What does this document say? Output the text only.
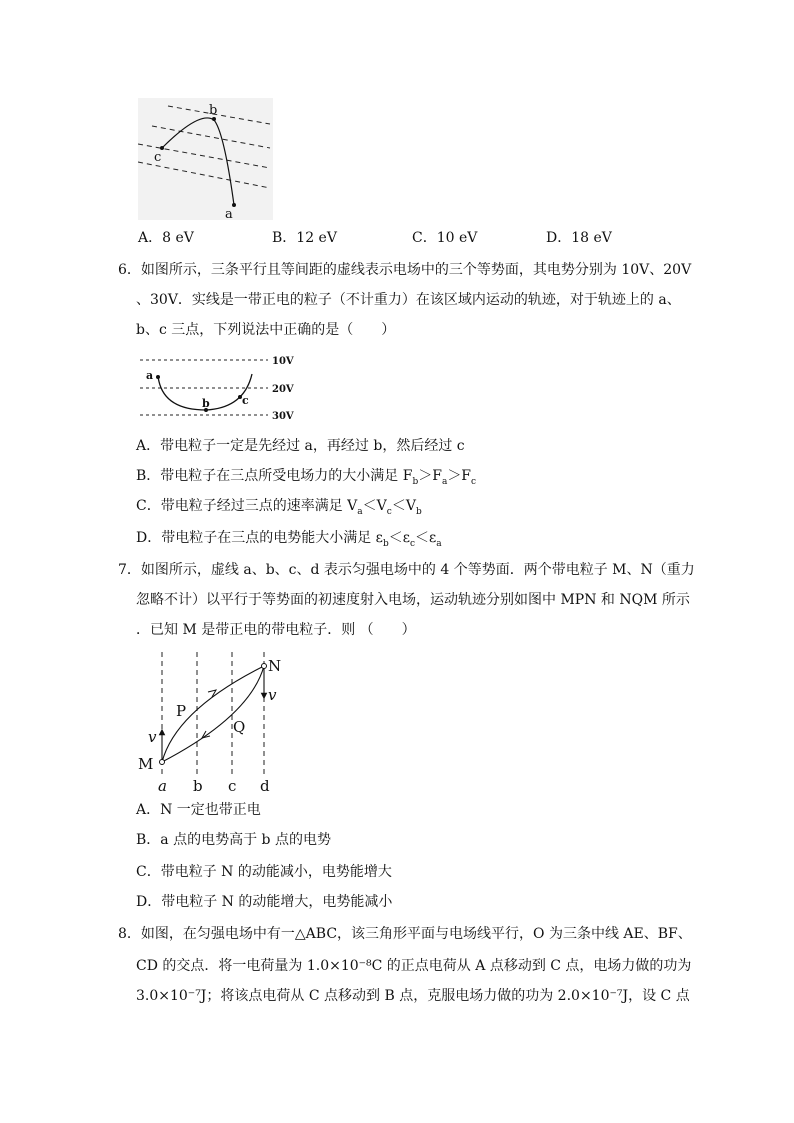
b
c
a
A．8 eV	B．12 eV	C．10 eV	D．18 eV
6．如图所示，三条平行且等间距的虚线表示电场中的三个等势面，其电势分别为 10V、20V
、30V．实线是一带正电的粒子（不计重力）在该区域内运动的轨迹，对于轨迹上的 a、
b、c 三点，下列说法中正确的是（　　）
10V
20V
30V
a
b	c
A．带电粒子一定是先经过 a，再经过 b，然后经过 c
B．带电粒子在三点所受电场力的大小满足 $F_b>F_a>F_c$
C．带电粒子经过三点的速率满足 $V_a<V_c<V_b$
D．带电粒子在三点的电势能大小满足 $\varepsilon_b<\varepsilon_c<\varepsilon_a$
7．如图所示，虚线 a、b、c、d 表示匀强电场中的 4 个等势面．两个带电粒子 M、N（重力
忽略不计）以平行于等势面的初速度射入电场，运动轨迹分别如图中 MPN 和 NQM 所示
．已知 M 是带正电的带电粒子．则 （　　）
M
N
P
Q
v
v
a b c d
A．N 一定也带正电
B．a 点的电势高于 b 点的电势
C．带电粒子 N 的动能减小，电势能增大
D．带电粒子 N 的动能增大，电势能减小
8．如图，在匀强电场中有一△ABC，该三角形平面与电场线平行，O 为三条中线 AE、BF、
CD 的交点．将一电荷量为 1.0×10⁻⁸C 的正点电荷从 A 点移动到 C 点，电场力做的功为
3.0×10⁻⁷J；将该点电荷从 C 点移动到 B 点，克服电场力做的功为 2.0×10⁻⁷J，设 C 点
